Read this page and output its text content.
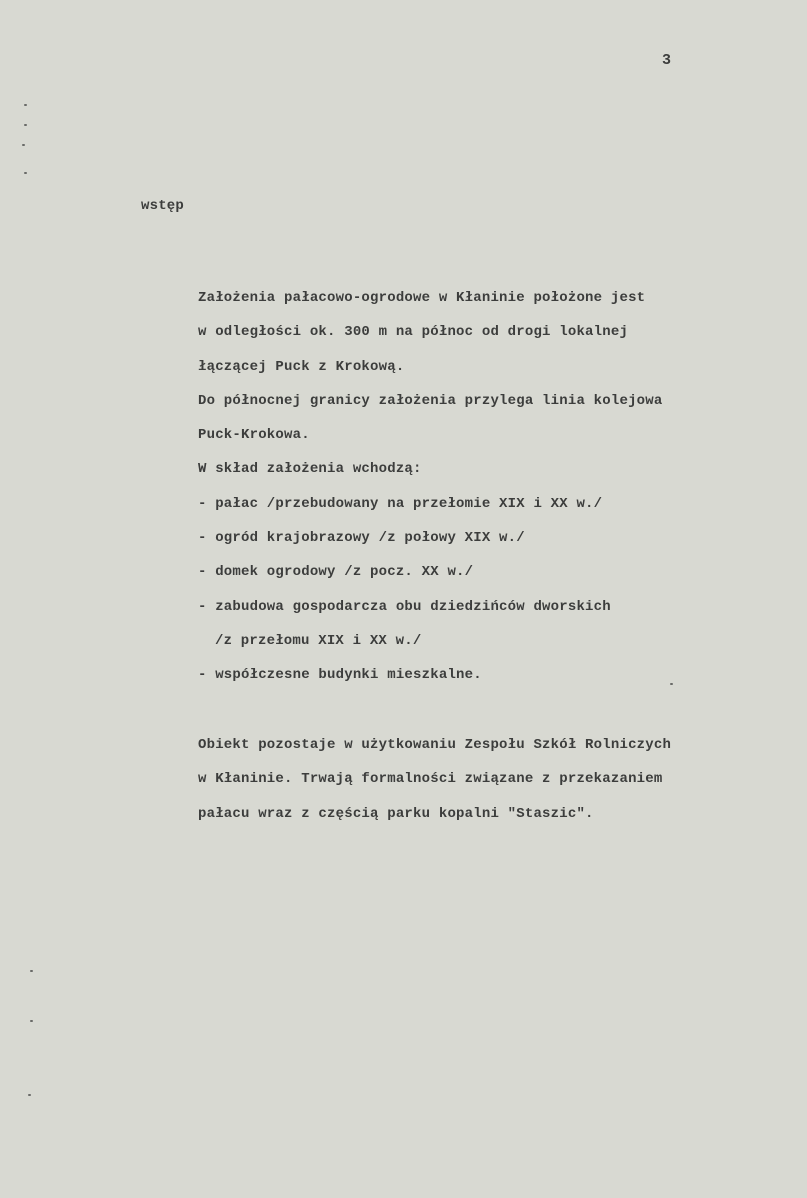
3
wstęp
Założenia pałacowo-ogrodowe w Kłaninie położone jest
w odległości ok. 300 m na północ od drogi lokalnej
łączącej Puck z Krokową.
Do północnej granicy założenia przylega linia kolejowa
Puck-Krokowa.
W skład założenia wchodzą:
- pałac /przebudowany na przełomie XIX i XX w./
- ogród krajobrazowy /z połowy XIX w./
- domek ogrodowy /z pocz. XX w./
- zabudowa gospodarcza obu dziedzińców dworskich
/z przełomu XIX i XX w./
- współczesne budynki mieszkalne.
Obiekt pozostaje w użytkowaniu Zespołu Szkół Rolniczych
w Kłaninie. Trwają formalności związane z przekazaniem
pałacu wraz z częścią parku kopalni "Staszic".
